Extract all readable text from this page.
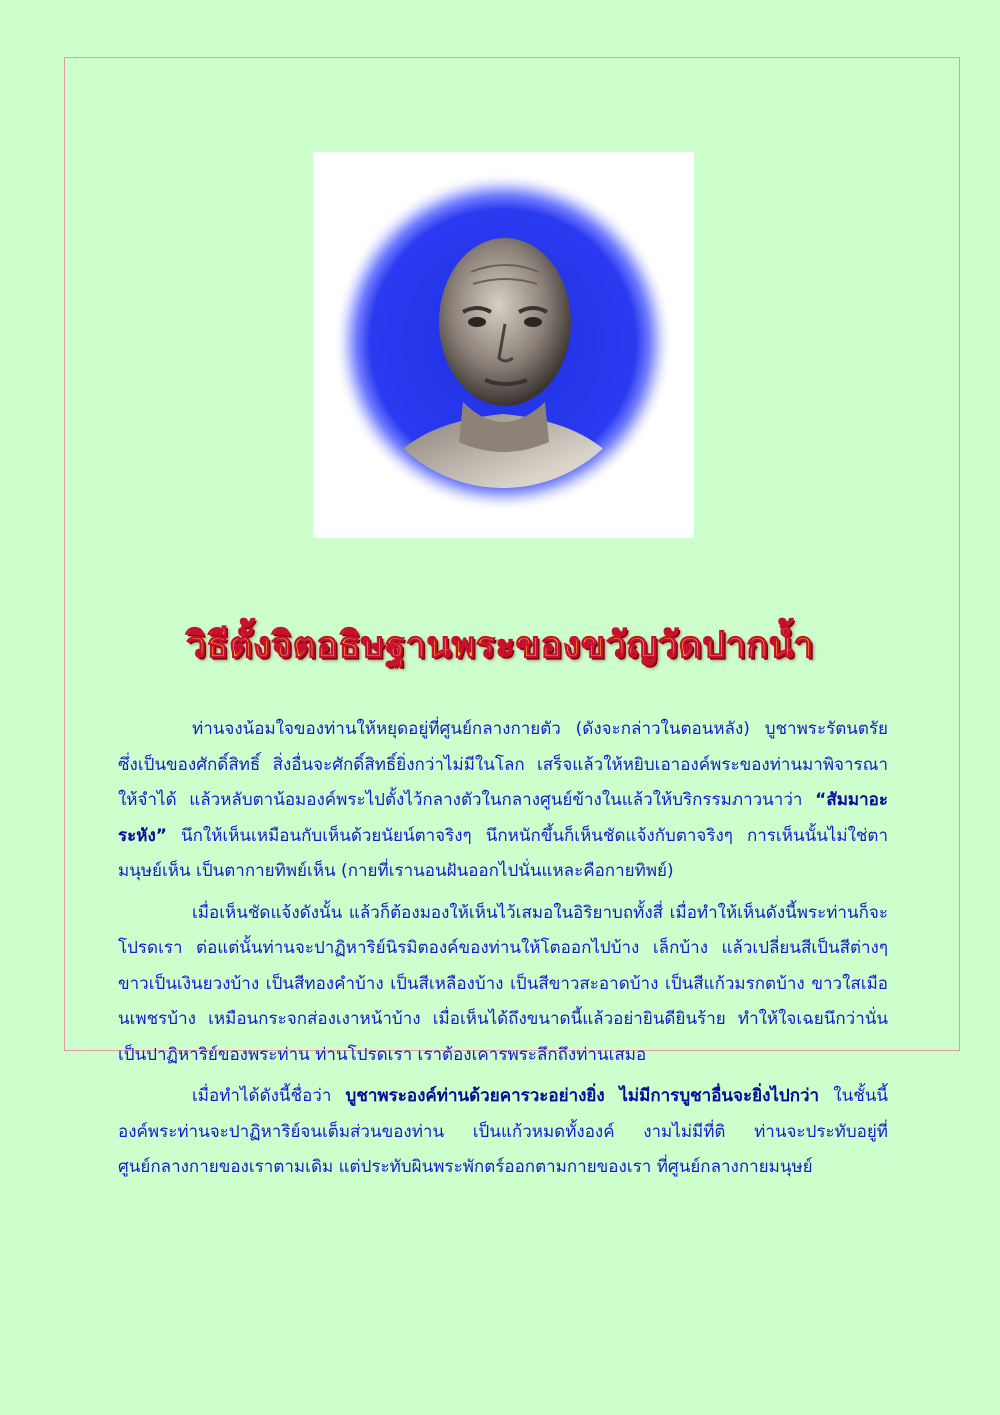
วิธีตั้งจิตอธิษฐานพระของขวัญวัดปากน้ำ

ท่านจงน้อมใจของท่านให้หยุดอยู่ที่ศูนย์กลางกายตัว (ดังจะกล่าวในตอนหลัง) บูชาพระรัตนตรัย ซึ่งเป็นของศักดิ์สิทธิ์ สิ่งอื่นจะศักดิ์สิทธิ์ยิ่งกว่าไม่มีในโลก เสร็จแล้วให้หยิบเอาองค์พระของท่านมาพิจารณาให้จำได้ แล้วหลับตาน้อมองค์พระไปตั้งไว้กลางตัวในกลางศูนย์ข้างในแล้วให้บริกรรมภาวนาว่า “สัมมาอะระหัง” นึกให้เห็นเหมือนกับเห็นด้วยนัยน์ตาจริงๆ นึกหนักขึ้นก็เห็นชัดแจ้งกับตาจริงๆ การเห็นนั้นไม่ใช่ตามนุษย์เห็น เป็นตากายทิพย์เห็น (กายที่เรานอนฝันออกไปนั่นแหละคือกายทิพย์)

เมื่อเห็นชัดแจ้งดังนั้น แล้วก็ต้องมองให้เห็นไว้เสมอในอิริยาบถทั้งสี่ เมื่อทำให้เห็นดังนี้พระท่านก็จะโปรดเรา ต่อแต่นั้นท่านจะปาฏิหาริย์นิรมิตองค์ของท่านให้โตออกไปบ้าง เล็กบ้าง แล้วเปลี่ยนสีเป็นสีต่างๆ ขาวเป็นเงินยวงบ้าง เป็นสีทองคำบ้าง เป็นสีเหลืองบ้าง เป็นสีขาวสะอาดบ้าง เป็นสีแก้วมรกตบ้าง ขาวใสเมือนเพชรบ้าง เหมือนกระจกส่องเงาหน้าบ้าง เมื่อเห็นได้ถึงขนาดนี้แล้วอย่ายินดียินร้าย ทำให้ใจเฉยนึกว่านั่นเป็นปาฏิหาริย์ของพระท่าน ท่านโปรดเรา เราต้องเคารพระลึกถึงท่านเสมอ

เมื่อทำได้ดังนี้ชื่อว่า บูชาพระองค์ท่านด้วยคารวะอย่างยิ่ง ไม่มีการบูชาอื่นจะยิ่งไปกว่า ในชั้นนี้องค์พระท่านจะปาฏิหาริย์จนเต็มส่วนของท่าน เป็นแก้วหมดทั้งองค์ งามไม่มีที่ติ ท่านจะประทับอยู่ที่ศูนย์กลางกายของเราตามเดิม แต่ประทับผินพระพักตร์ออกตามกายของเรา ที่ศูนย์กลางกายมนุษย์
